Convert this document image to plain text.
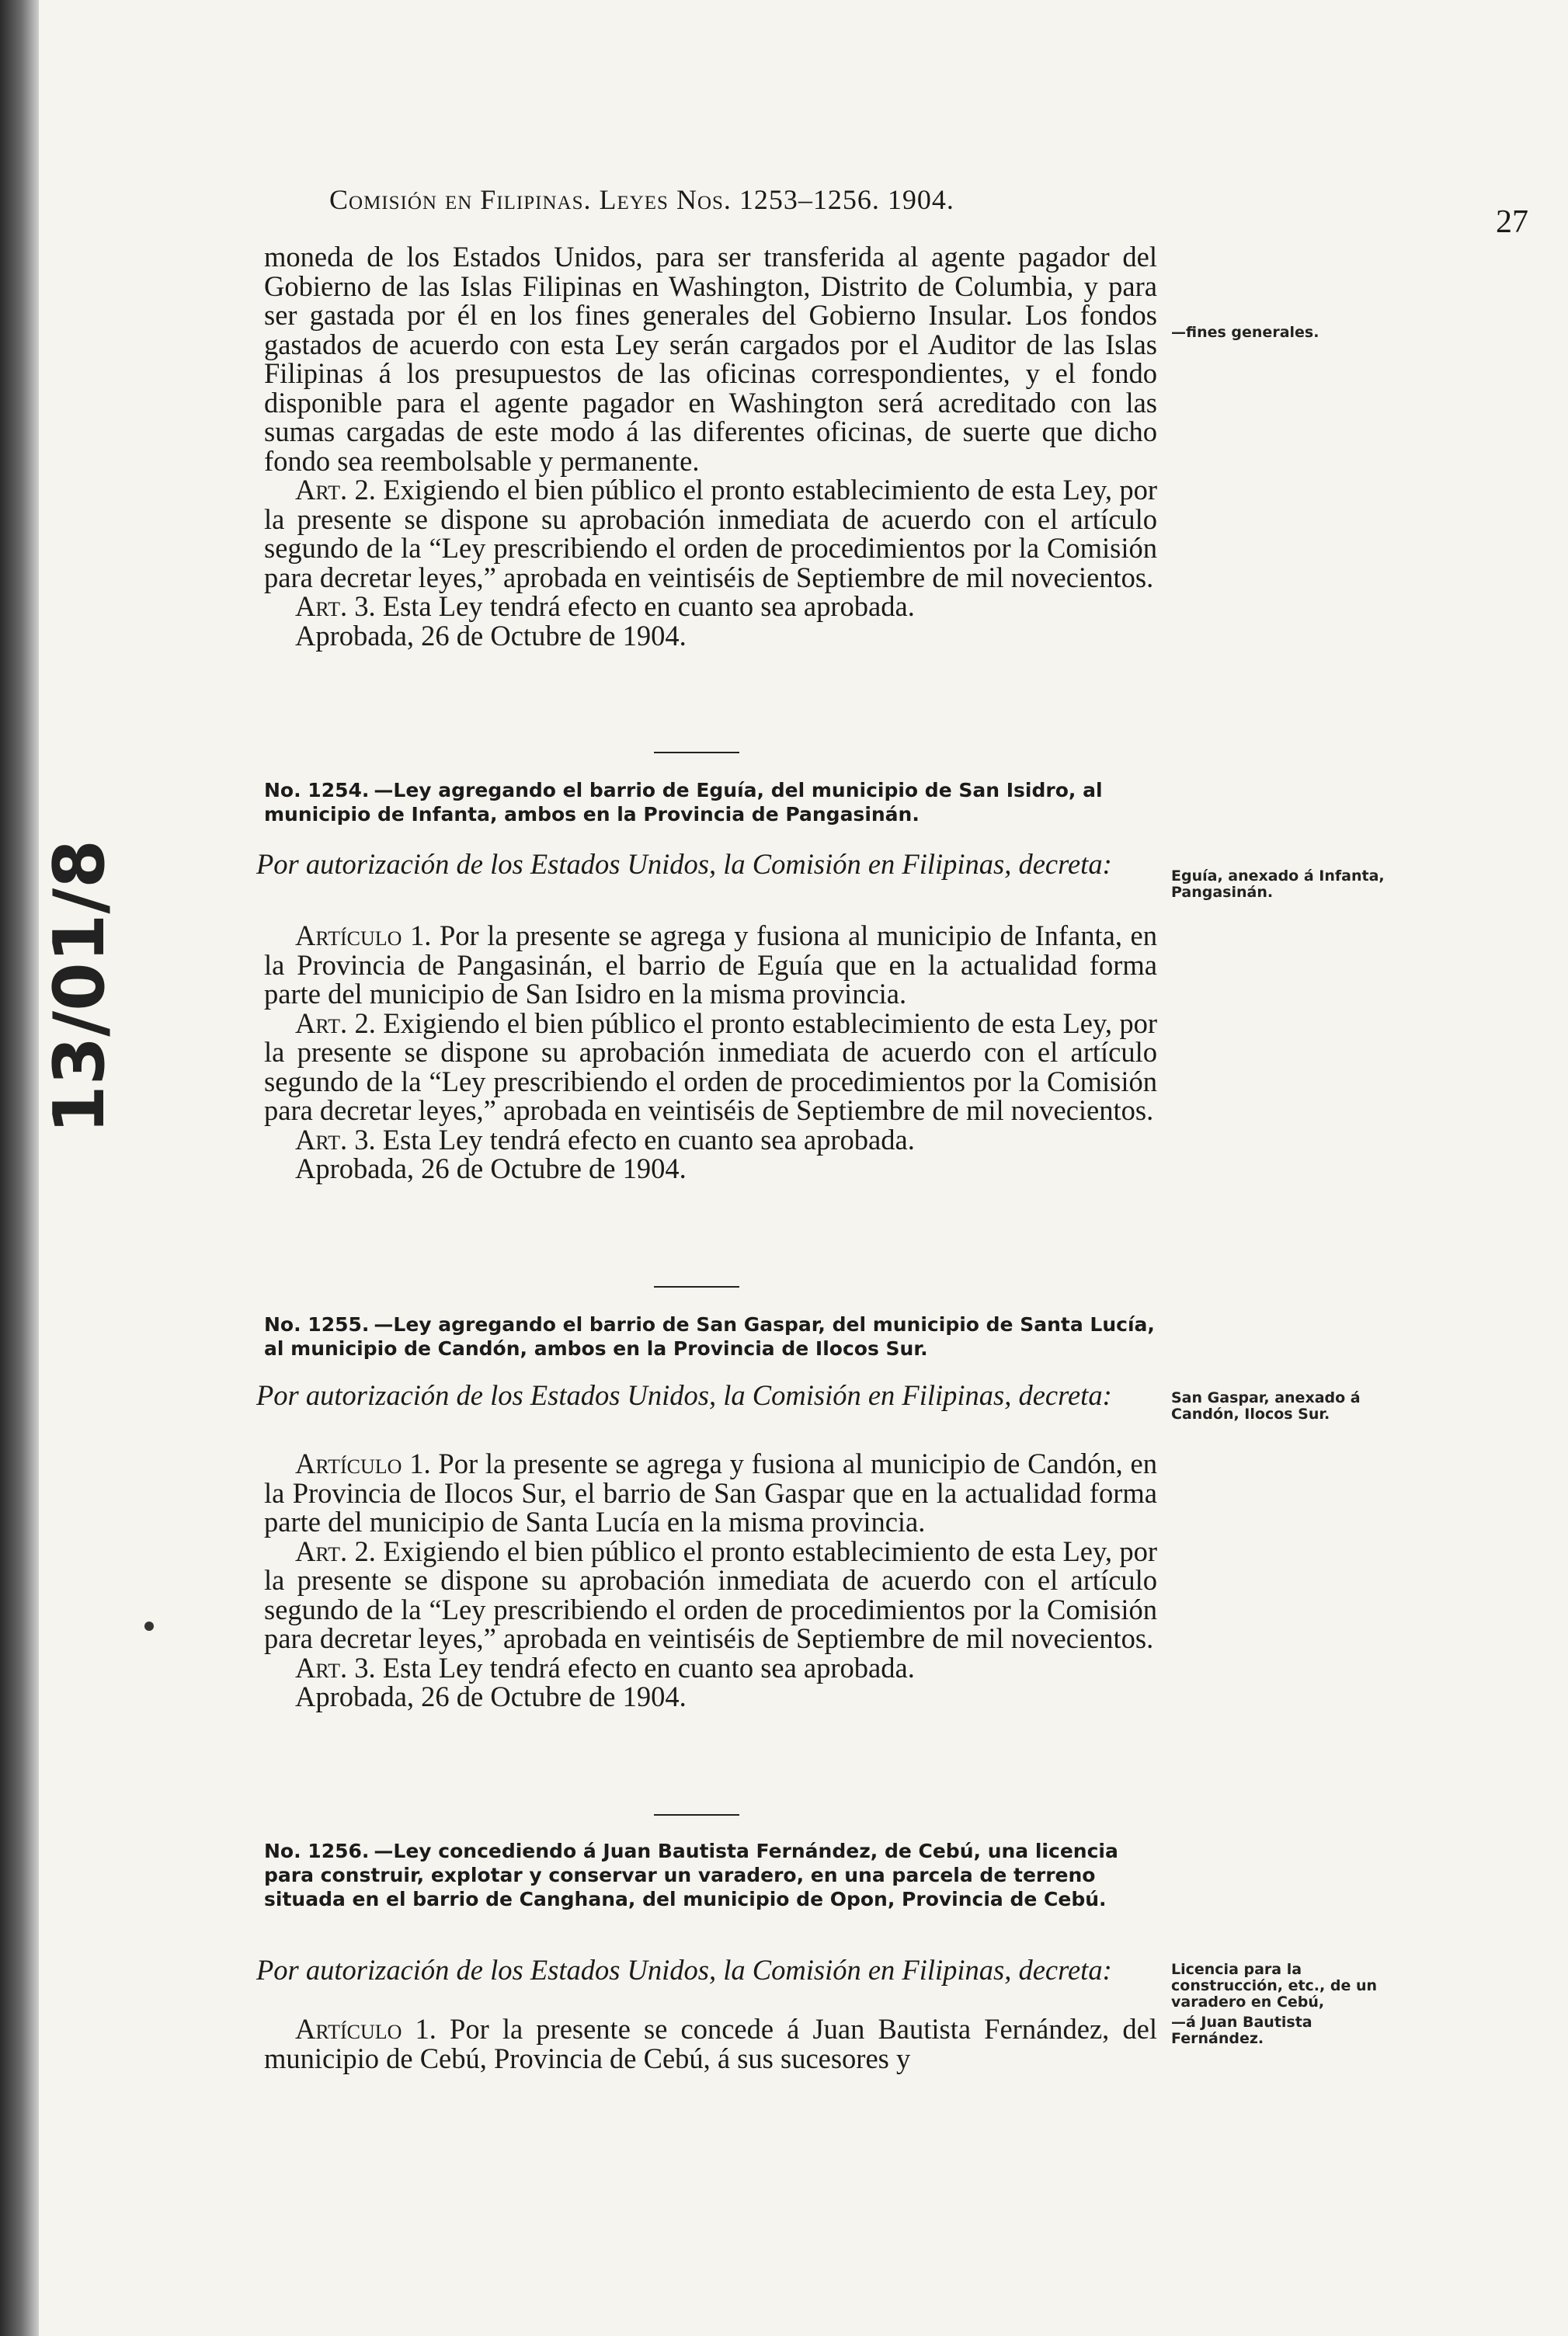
13/01/8
Comisión en Filipinas. Leyes Nos. 1253–1256. 1904.
27

moneda de los Estados Unidos, para ser transferida al agente pagador del Gobierno de las Islas Filipinas en Washington, Distrito de Columbia, y para ser gastada por él en los fines generales del Gobierno Insular. Los fondos gastados de acuerdo con esta Ley serán cargados por el Auditor de las Islas Filipinas á los presupuestos de las oficinas correspondientes, y el fondo disponible para el agente pagador en Washington será acreditado con las sumas cargadas de este modo á las diferentes oficinas, de suerte que dicho fondo sea reembolsable y permanente.

Art. 2. Exigiendo el bien público el pronto establecimiento de esta Ley, por la presente se dispone su aprobación inmediata de acuerdo con el artículo segundo de la “Ley prescribiendo el orden de procedimientos por la Comisión para decretar leyes,” aprobada en veintiséis de Septiembre de mil novecientos.

Art. 3. Esta Ley tendrá efecto en cuanto sea aprobada.

Aprobada, 26 de Octubre de 1904.

—fines generales.
No. 1254. —Ley agregando el barrio de Eguía, del municipio de San Isidro, al municipio de Infanta, ambos en la Provincia de Pangasinán.
Por autorización de los Estados Unidos, la Comisión en Filipinas, decreta:	Eguía, anexado á Infanta, Pangasinán.

Artículo 1. Por la presente se agrega y fusiona al municipio de Infanta, en la Provincia de Pangasinán, el barrio de Eguía que en la actualidad forma parte del municipio de San Isidro en la misma provincia.

Art. 2. Exigiendo el bien público el pronto establecimiento de esta Ley, por la presente se dispone su aprobación inmediata de acuerdo con el artículo segundo de la “Ley prescribiendo el orden de procedimientos por la Comisión para decretar leyes,” aprobada en veintiséis de Septiembre de mil novecientos.

Art. 3. Esta Ley tendrá efecto en cuanto sea aprobada.

Aprobada, 26 de Octubre de 1904.

No. 1255. —Ley agregando el barrio de San Gaspar, del municipio de Santa Lucía, al municipio de Candón, ambos en la Provincia de Ilocos Sur.
Por autorización de los Estados Unidos, la Comisión en Filipinas, decreta:	San Gaspar, anexado á Candón, Ilocos Sur.

Artículo 1. Por la presente se agrega y fusiona al municipio de Candón, en la Provincia de Ilocos Sur, el barrio de San Gaspar que en la actualidad forma parte del municipio de Santa Lucía en la misma provincia.

Art. 2. Exigiendo el bien público el pronto establecimiento de esta Ley, por la presente se dispone su aprobación inmediata de acuerdo con el artículo segundo de la “Ley prescribiendo el orden de procedimientos por la Comisión para decretar leyes,” aprobada en veintiséis de Septiembre de mil novecientos.

Art. 3. Esta Ley tendrá efecto en cuanto sea aprobada.

Aprobada, 26 de Octubre de 1904.

No. 1256. —Ley concediendo á Juan Bautista Fernández, de Cebú, una licencia para construir, explotar y conservar un varadero, en una parcela de terreno situada en el barrio de Canghana, del municipio de Opon, Provincia de Cebú.
Por autorización de los Estados Unidos, la Comisión en Filipinas, decreta:	Licencia para la construcción, etc., de un varadero en Cebú,
—á Juan Bautista Fernández.

Artículo 1. Por la presente se concede á Juan Bautista Fernández, del municipio de Cebú, Provincia de Cebú, á sus sucesores y
